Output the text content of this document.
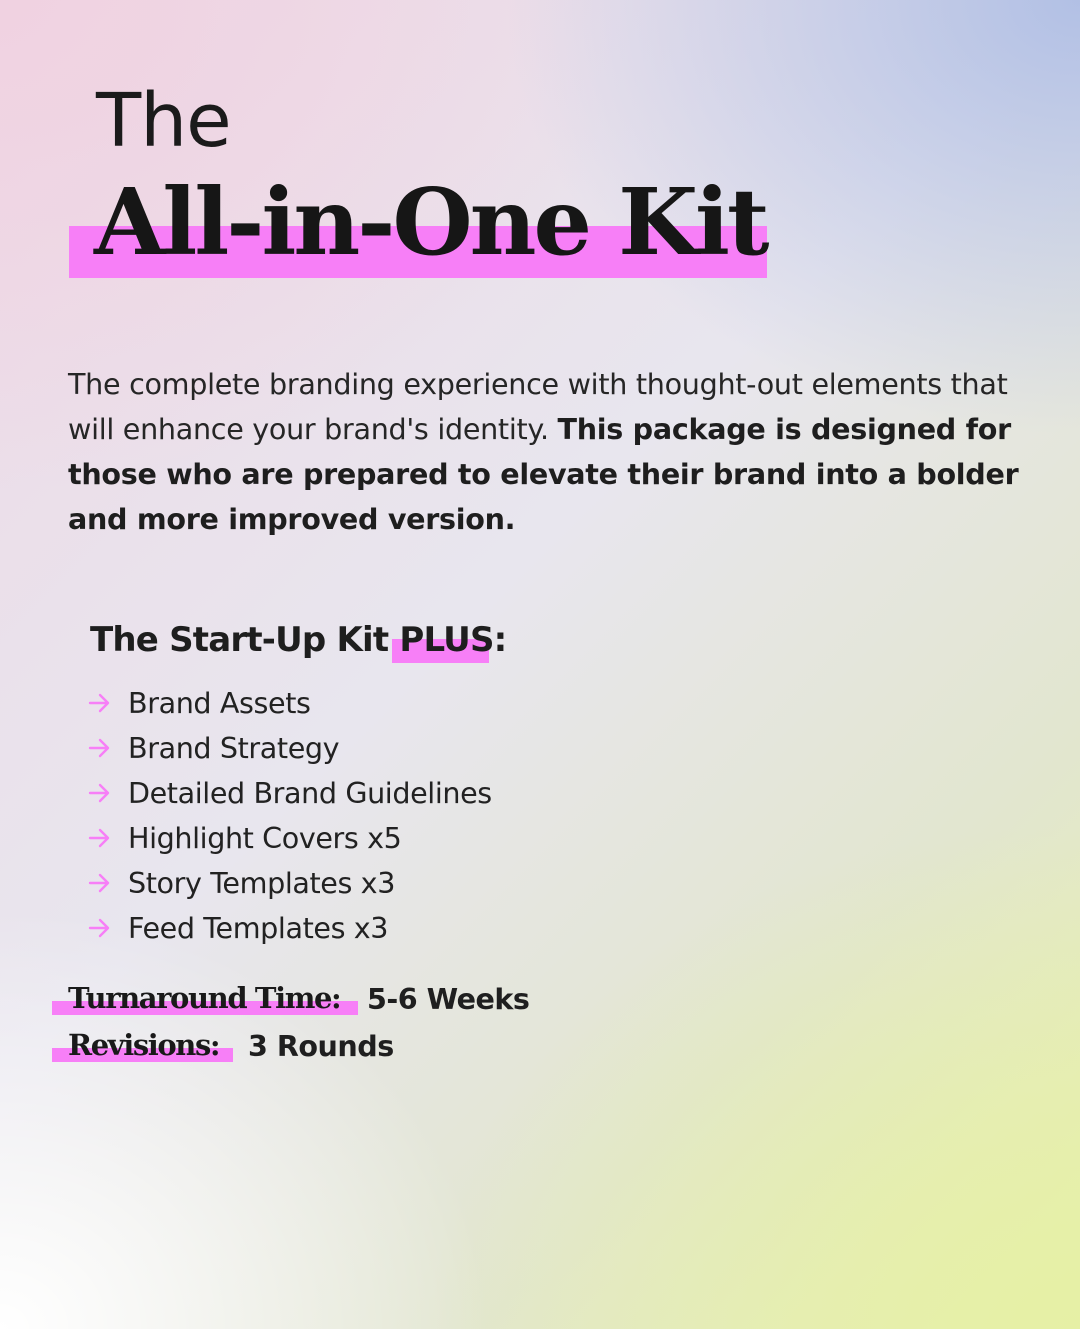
The
All-in-One Kit
The complete branding experience with thought-out elements that will enhance your brand's identity. This package is designed for those who are prepared to elevate their brand into a bolder and more improved version.
The Start-Up Kit PLUS:
Brand Assets
Brand Strategy
Detailed Brand Guidelines
Highlight Covers x5
Story Templates x3
Feed Templates x3
Turnaround Time: 5-6 Weeks
Revisions: 3 Rounds
